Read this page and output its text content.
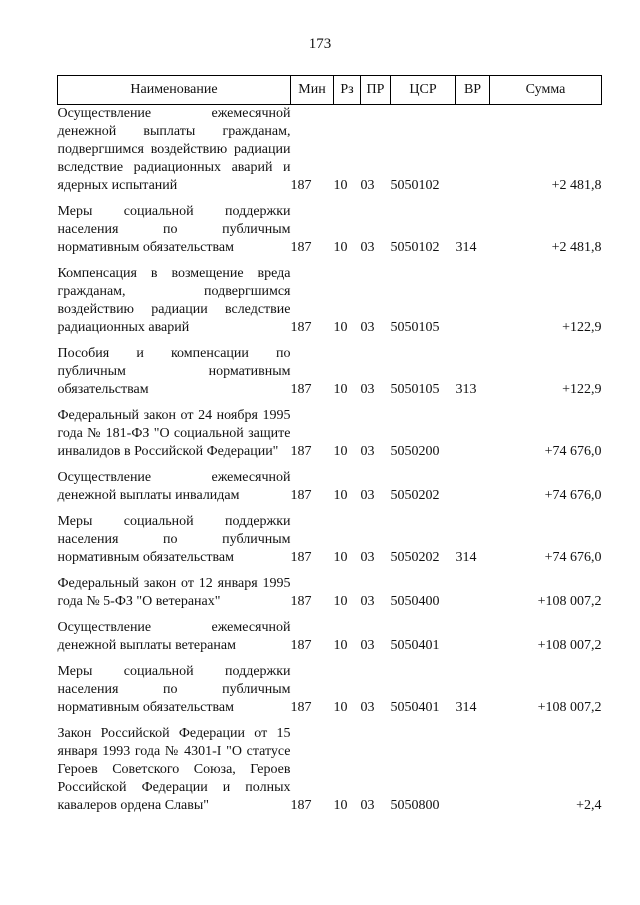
173
Наименование	Мин	Рз	ПР	ЦСР	ВР	Сумма
Осуществление ежемесячной денежной выплаты гражданам, подвергшимся воздействию радиации вследствие радиационных аварий и ядерных испытаний	187	10	03	5050102		+2 481,8

Меры социальной поддержки населения по публичным нормативным обязательствам	187	10	03	5050102	314	+2 481,8

Компенсация в возмещение вреда гражданам, подвергшимся воздействию радиации вследствие радиационных аварий	187	10	03	5050105		+122,9

Пособия и компенсации по публичным нормативным обязательствам	187	10	03	5050105	313	+122,9

Федеральный закон от 24 ноября 1995 года № 181-ФЗ "О социальной защите инвалидов в Российской Федерации"	187	10	03	5050200		+74 676,0

Осуществление ежемесячной денежной выплаты инвалидам	187	10	03	5050202		+74 676,0

Меры социальной поддержки населения по публичным нормативным обязательствам	187	10	03	5050202	314	+74 676,0

Федеральный закон от 12 января 1995 года № 5-ФЗ "О ветеранах"	187	10	03	5050400		+108 007,2

Осуществление ежемесячной денежной выплаты ветеранам	187	10	03	5050401		+108 007,2

Меры социальной поддержки населения по публичным нормативным обязательствам	187	10	03	5050401	314	+108 007,2

Закон Российской Федерации от 15 января 1993 года № 4301-I "О статусе Героев Советского Союза, Героев Российской Федерации и полных кавалеров ордена Славы"	187	10	03	5050800		+2,4
